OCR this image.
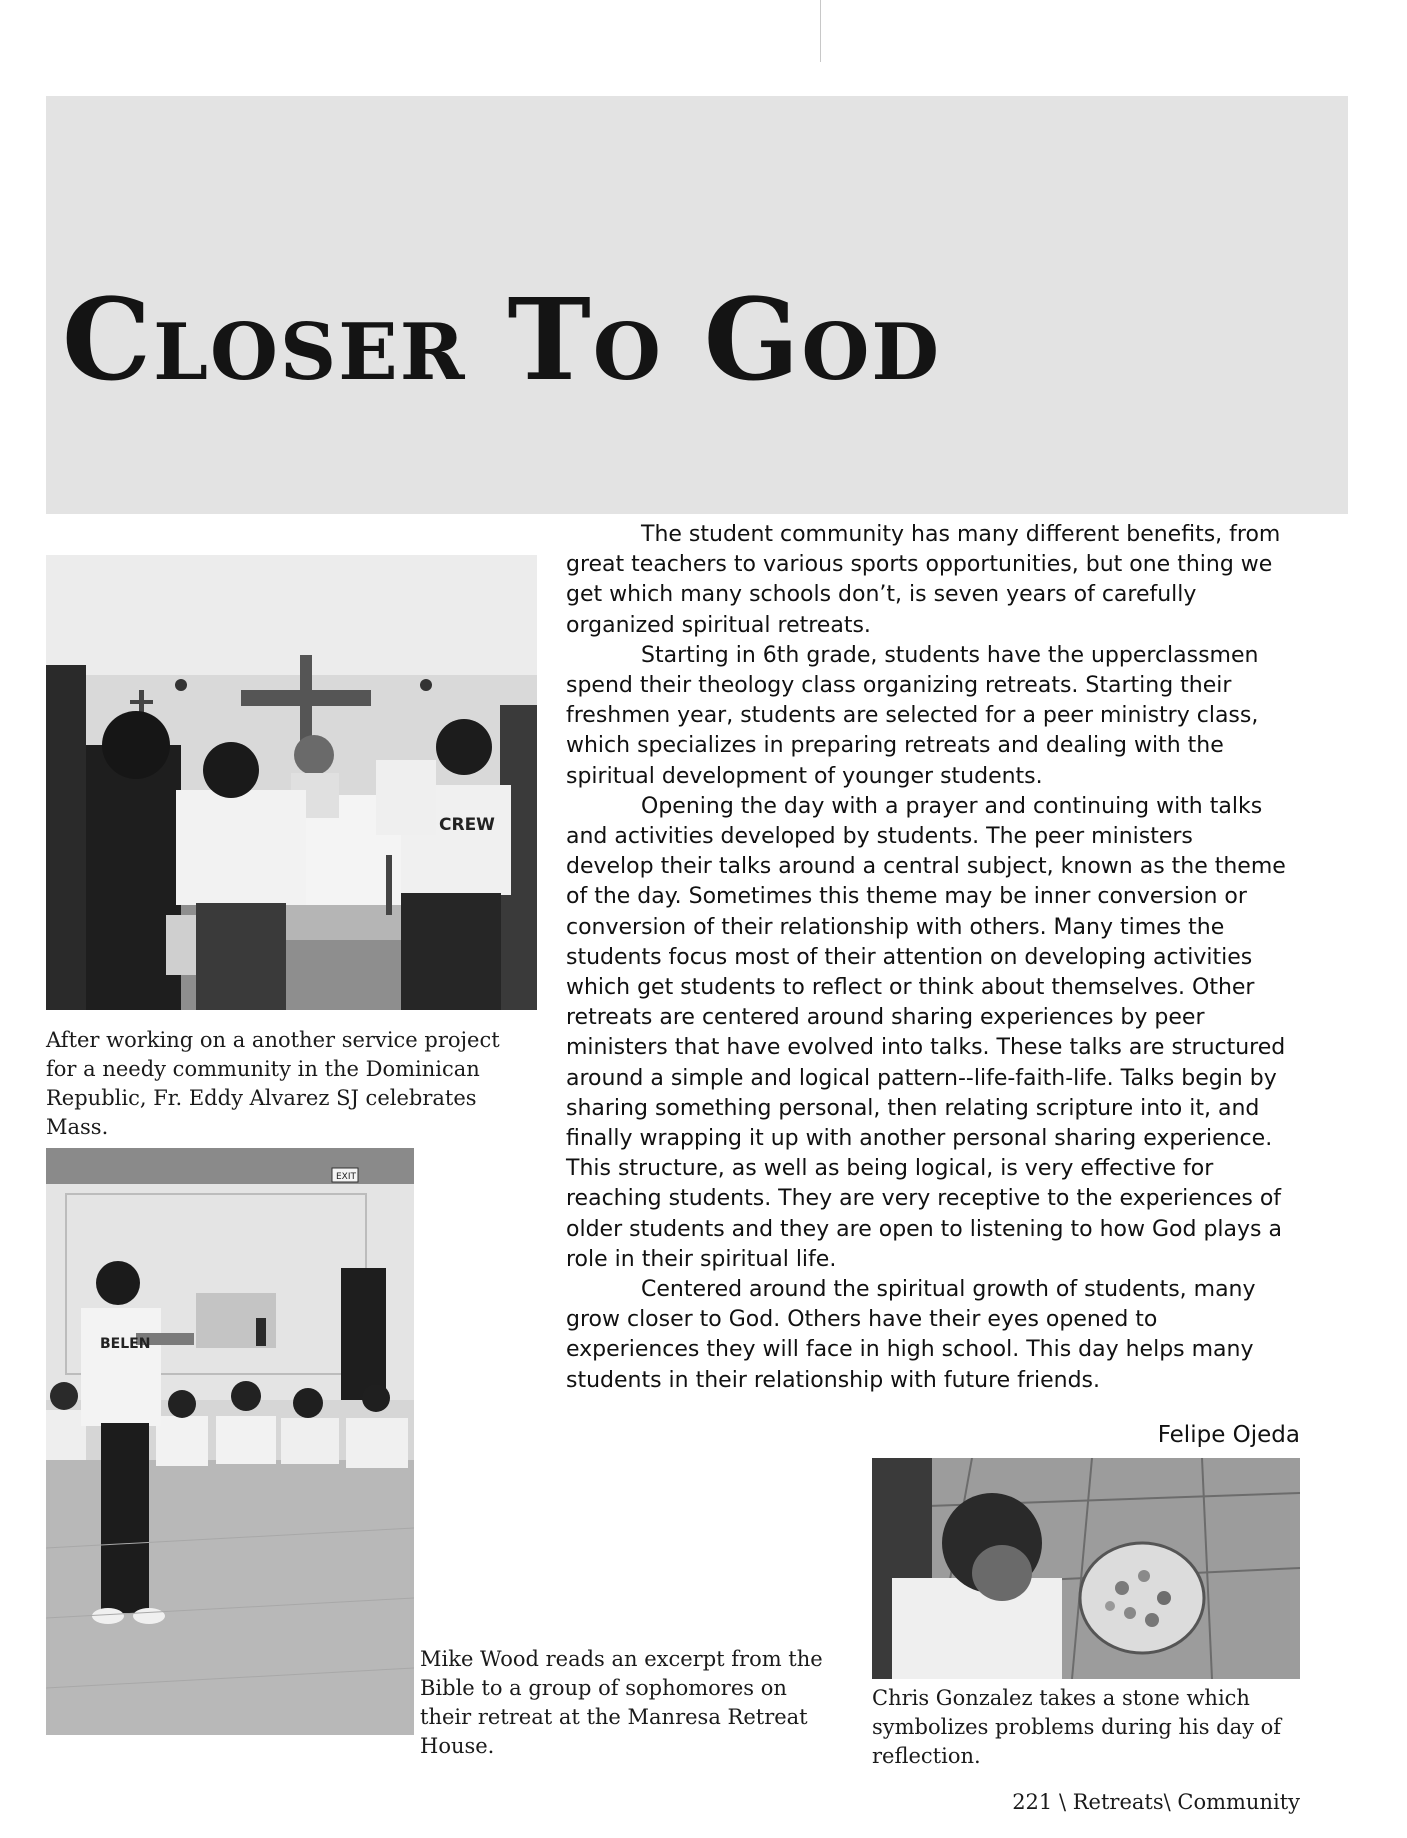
Closer To God
CREW

After working on a another service project for a needy community in the Dominican Republic, Fr. Eddy Alvarez SJ celebrates Mass.

EXIT
BELEN

Mike Wood reads an excerpt from the Bible to a group of sophomores on their retreat at the Manresa Retreat House.

The student community has many different benefits, from great teachers to various sports opportunities, but one thing we get which many schools don’t, is seven years of carefully organized spiritual retreats.

Starting in 6th grade, students have the upperclassmen spend their theology class organizing retreats. Starting their freshmen year, students are selected for a peer ministry class, which specializes in preparing retreats and dealing with the spiritual development of younger students.

Opening the day with a prayer and continuing with talks and activities developed by students. The peer ministers develop their talks around a central subject, known as the theme of the day. Sometimes this theme may be inner conversion or conversion of their relationship with others. Many times the students focus most of their attention on developing activities which get students to reflect or think about themselves. Other retreats are centered around sharing experiences by peer ministers that have evolved into talks. These talks are structured around a simple and logical pattern--life-faith-life. Talks begin by sharing something personal, then relating scripture into it, and finally wrapping it up with another personal sharing experience. This structure, as well as being logical, is very effective for reaching students. They are very receptive to the experiences of older students and they are open to listening to how God plays a role in their spiritual life.

Centered around the spiritual growth of students, many grow closer to God. Others have their eyes opened to experiences they will face in high school. This day helps many students in their relationship with future friends.

Felipe Ojeda

Chris Gonzalez takes a stone which symbolizes problems during his day of reflection.

221 \ Retreats\ Community
